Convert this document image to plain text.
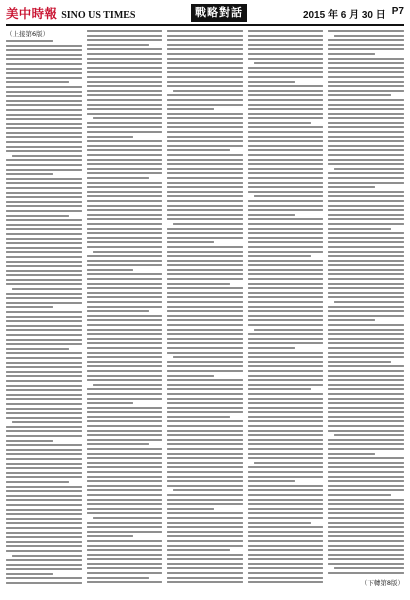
美中時報 SINO US TIMES	戰略對話	2015 年 6 月 30 日 P7
（上接第6版）
（下轉第8版）
